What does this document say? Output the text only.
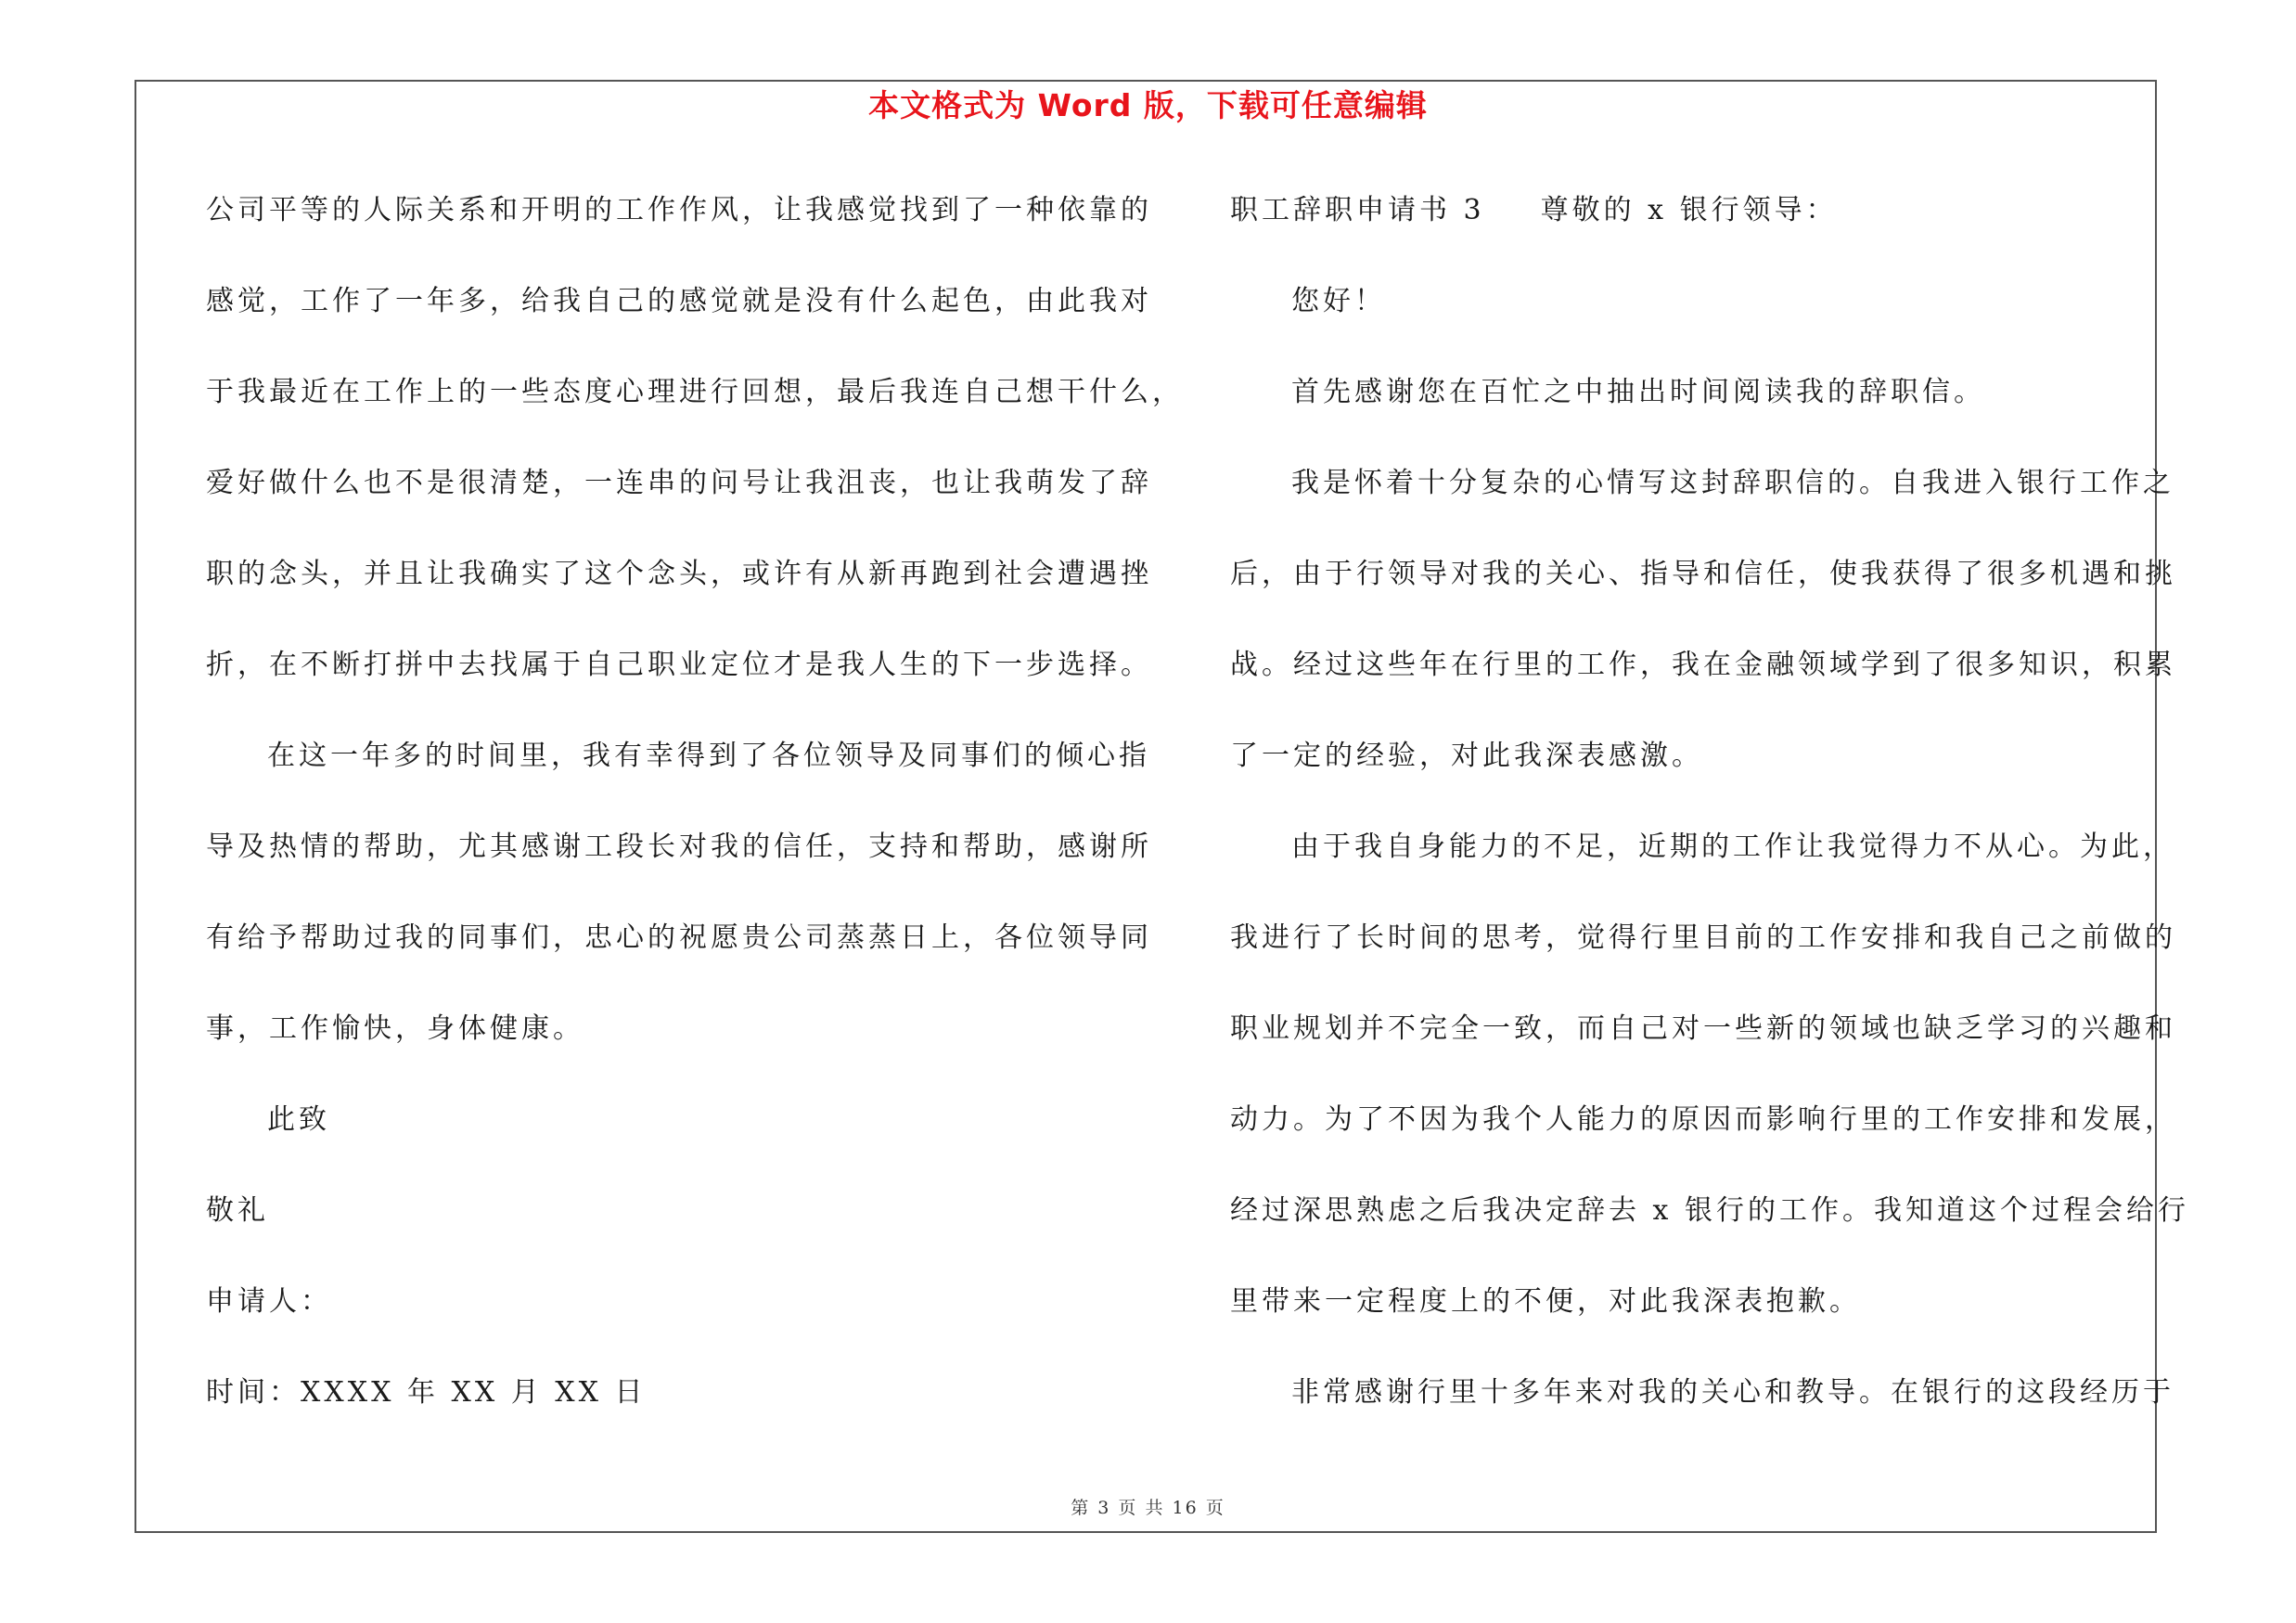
本文格式为 Word 版，下载可任意编辑
公司平等的人际关系和开明的工作作风，让我感觉找到了一种依靠的
感觉，工作了一年多，给我自己的感觉就是没有什么起色，由此我对
于我最近在工作上的一些态度心理进行回想，最后我连自己想干什么，
爱好做什么也不是很清楚，一连串的问号让我沮丧，也让我萌发了辞
职的念头，并且让我确实了这个念头，或许有从新再跑到社会遭遇挫
折，在不断打拼中去找属于自己职业定位才是我人生的下一步选择。
在这一年多的时间里，我有幸得到了各位领导及同事们的倾心指
导及热情的帮助，尤其感谢工段长对我的信任，支持和帮助，感谢所
有给予帮助过我的同事们，忠心的祝愿贵公司蒸蒸日上，各位领导同
事，工作愉快，身体健康。
此致
敬礼
申请人：
时间：XXXX 年 XX 月 XX 日
职工辞职申请书 3 尊敬的 x 银行领导：
您好！
首先感谢您在百忙之中抽出时间阅读我的辞职信。
我是怀着十分复杂的心情写这封辞职信的。自我进入银行工作之
后，由于行领导对我的关心、指导和信任，使我获得了很多机遇和挑
战。经过这些年在行里的工作，我在金融领域学到了很多知识，积累
了一定的经验，对此我深表感激。
由于我自身能力的不足，近期的工作让我觉得力不从心。为此，
我进行了长时间的思考，觉得行里目前的工作安排和我自己之前做的
职业规划并不完全一致，而自己对一些新的领域也缺乏学习的兴趣和
动力。为了不因为我个人能力的原因而影响行里的工作安排和发展，
经过深思熟虑之后我决定辞去 x 银行的工作。我知道这个过程会给行
里带来一定程度上的不便，对此我深表抱歉。
非常感谢行里十多年来对我的关心和教导。在银行的这段经历于
第 3 页 共 16 页
